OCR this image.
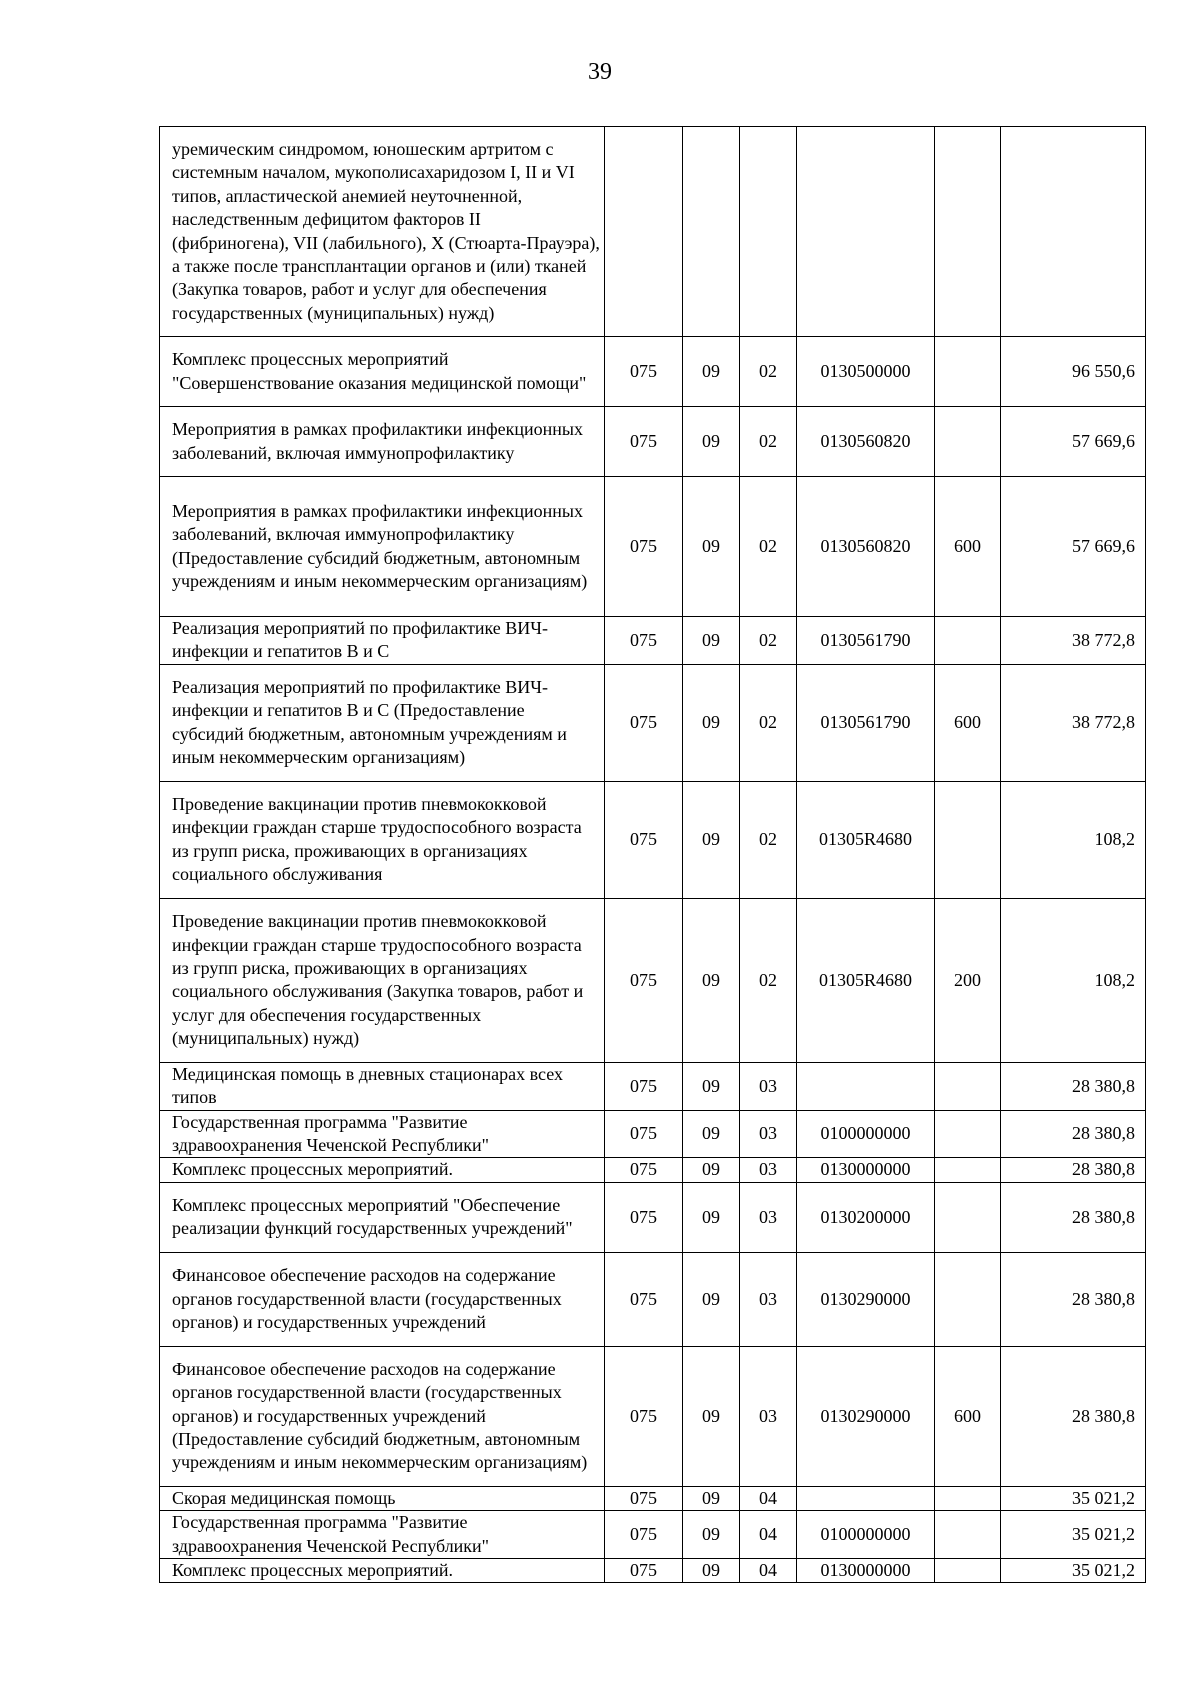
39
уремическим синдромом, юношеским артритом с системным началом, мукополисахаридозом I, II и VI типов, апластической анемией неуточненной, наследственным дефицитом факторов II (фибриногена), VII (лабильного), X (Стюарта-Прауэра), а также после трансплантации органов и (или) тканей (Закупка товаров, работ и услуг для обеспечения государственных (муниципальных) нужд)						
Комплекс процессных мероприятий "Совершенствование оказания медицинской помощи"	075	09	02	0130500000		96 550,6
Мероприятия в рамках профилактики инфекционных заболеваний, включая иммунопрофилактику	075	09	02	0130560820		57 669,6
Мероприятия в рамках профилактики инфекционных заболеваний, включая иммунопрофилактику (Предоставление субсидий бюджетным, автономным учреждениям и иным некоммерческим организациям)	075	09	02	0130560820	600	57 669,6
Реализация мероприятий по профилактике ВИЧ-инфекции и гепатитов B и C	075	09	02	0130561790		38 772,8
Реализация мероприятий по профилактике ВИЧ-инфекции и гепатитов B и C (Предоставление субсидий бюджетным, автономным учреждениям и иным некоммерческим организациям)	075	09	02	0130561790	600	38 772,8
Проведение вакцинации против пневмококковой инфекции граждан старше трудоспособного возраста из групп риска, проживающих в организациях социального обслуживания	075	09	02	01305R4680		108,2
Проведение вакцинации против пневмококковой инфекции граждан старше трудоспособного возраста из групп риска, проживающих в организациях социального обслуживания (Закупка товаров, работ и услуг для обеспечения государственных (муниципальных) нужд)	075	09	02	01305R4680	200	108,2
Медицинская помощь в дневных стационарах всех типов	075	09	03			28 380,8
Государственная программа "Развитие здравоохранения Чеченской Республики"	075	09	03	0100000000		28 380,8
Комплекс процессных мероприятий.	075	09	03	0130000000		28 380,8
Комплекс процессных мероприятий "Обеспечение реализации функций государственных учреждений"	075	09	03	0130200000		28 380,8
Финансовое обеспечение расходов на содержание органов государственной власти (государственных органов) и государственных учреждений	075	09	03	0130290000		28 380,8
Финансовое обеспечение расходов на содержание органов государственной власти (государственных органов) и государственных учреждений (Предоставление субсидий бюджетным, автономным учреждениям и иным некоммерческим организациям)	075	09	03	0130290000	600	28 380,8
Скорая медицинская помощь	075	09	04			35 021,2
Государственная программа "Развитие здравоохранения Чеченской Республики"	075	09	04	0100000000		35 021,2
Комплекс процессных мероприятий.	075	09	04	0130000000		35 021,2
